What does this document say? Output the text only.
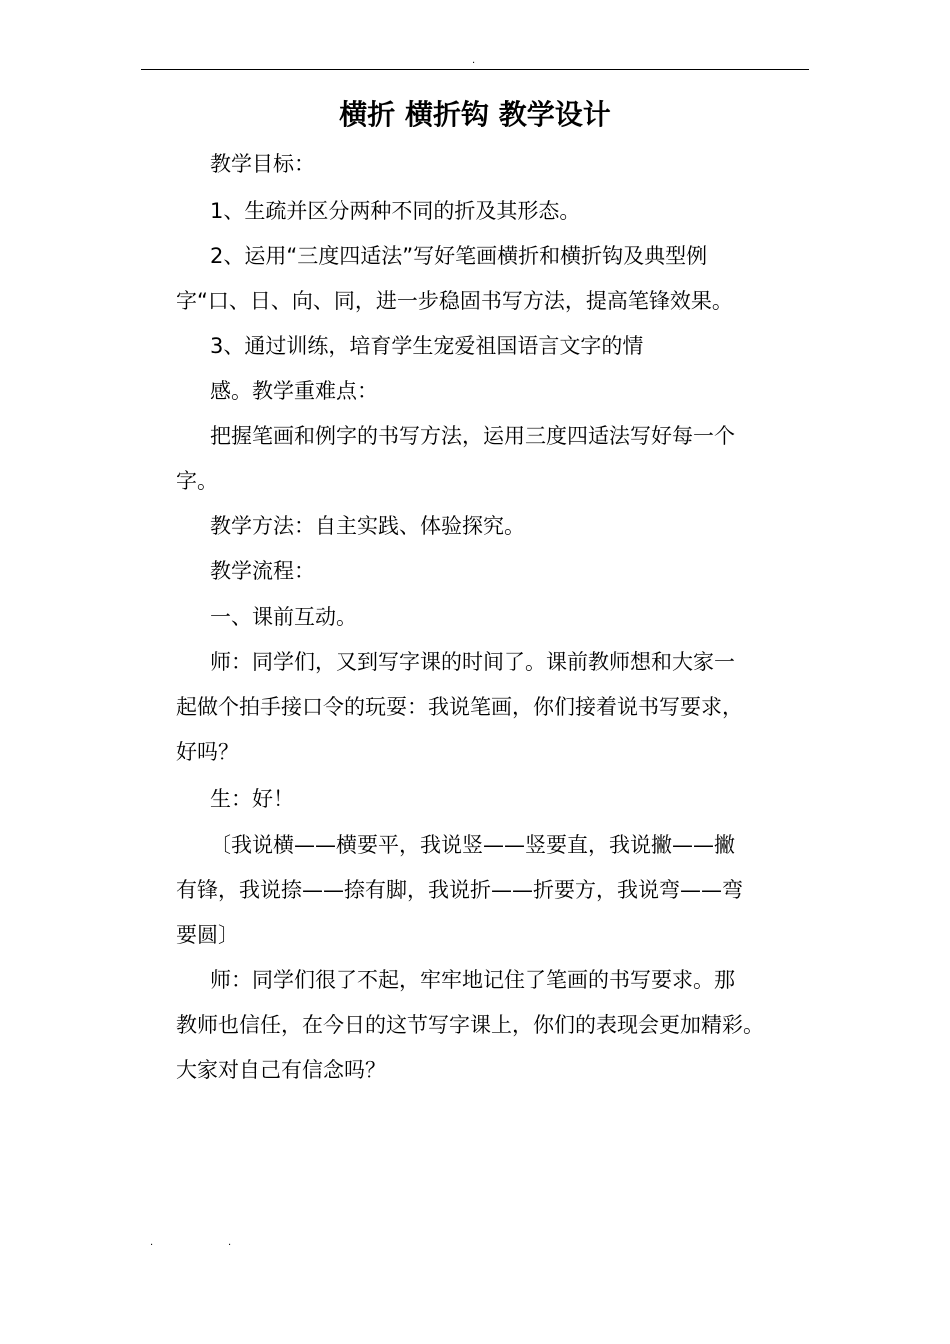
.
横折 横折钩 教学设计

教学目标：

1、生疏并区分两种不同的折及其形态。

2、运用“三度四适法”写好笔画横折和横折钩及典型例

字“口、日、向、同，进一步稳固书写方法，提高笔锋效果。

3、通过训练，培育学生宠爱祖国语言文字的情

感。教学重难点：

把握笔画和例字的书写方法，运用三度四适法写好每一个

字。

教学方法：自主实践、体验探究。

教学流程：

一、课前互动。

师：同学们，又到写字课的时间了。课前教师想和大家一

起做个拍手接口令的玩耍：我说笔画，你们接着说书写要求，

好吗？

生：好！

〔我说横——横要平，我说竖——竖要直，我说撇——撇

有锋，我说捺——捺有脚，我说折——折要方，我说弯——弯

要圆〕

师：同学们很了不起，牢牢地记住了笔画的书写要求。那

教师也信任，在今日的这节写字课上，你们的表现会更加精彩。

大家对自己有信念吗？

.	.
